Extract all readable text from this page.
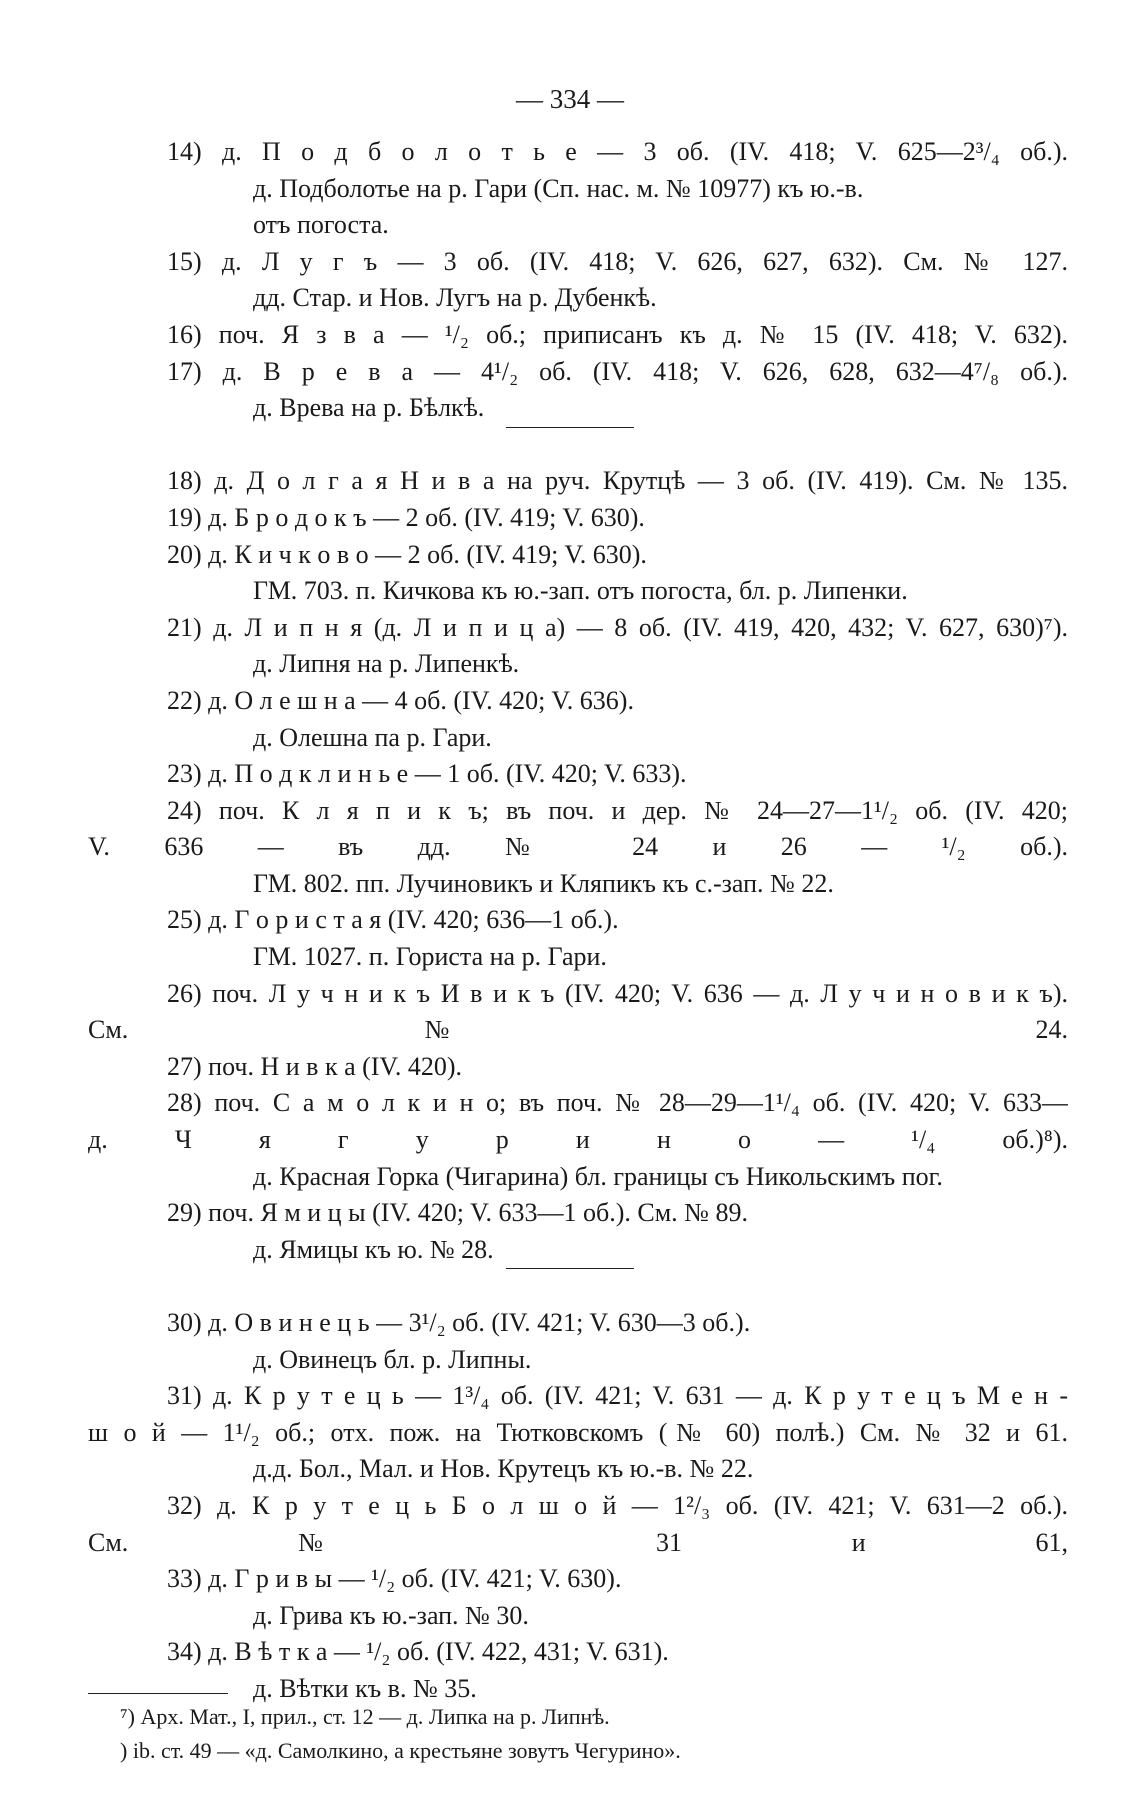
— 334 —
14) д. П о д б о л о т ь е — 3 об. (IV. 418; V. 625—2³/₄ об.).
д. Подболотье на р. Гари (Сп. нас. м. № 10977) къ ю.-в.
отъ погоста.
15) д. Л у г ъ — 3 об. (IV. 418; V. 626, 627, 632). См. № 127.
дд. Стар. и Нов. Лугъ на р. Дубенкѣ.
16) поч. Я з в а — ¹/₂ об.; приписанъ къ д. № 15 (IV. 418; V. 632).
17) д. В р е в а — 4¹/₂ об. (IV. 418; V. 626, 628, 632—4⁷/₈ об.).
д. Врева на р. Бѣлкѣ.
18) д. Д о л г а я Н и в а на руч. Крутцѣ — 3 об. (IV. 419). См. № 135.
19) д. Б р о д о к ъ — 2 об. (IV. 419; V. 630).
20) д. К и ч к о в о — 2 об. (IV. 419; V. 630).
ГМ. 703. п. Кичкова къ ю.-зап. отъ погоста, бл. р. Липенки.
21) д. Л и п н я (д. Л и п и ц а) — 8 об. (IV. 419, 420, 432; V. 627, 630)⁷).
д. Липня на р. Липенкѣ.
22) д. О л е ш н а — 4 об. (IV. 420; V. 636).
д. Олешна па р. Гари.
23) д. П о д к л и н ь е — 1 об. (IV. 420; V. 633).
24) поч. К л я п и к ъ; въ поч. и дер. № 24—27—1¹/₂ об. (IV. 420;
V. 636 — въ дд. № 24 и 26 — ¹/₂ об.).
ГМ. 802. пп. Лучиновикъ и Кляпикъ къ с.-зап. № 22.
25) д. Г о р и с т а я (IV. 420; 636—1 об.).
ГМ. 1027. п. Гориста на р. Гари.
26) поч. Л у ч н и к ъ И в и к ъ (IV. 420; V. 636 — д. Л у ч и н о в и к ъ).
См. № 24.
27) поч. Н и в к а (IV. 420).
28) поч. С а м о л к и н о; въ поч. № 28—29—1¹/₄ об. (IV. 420; V. 633—
д. Ч я г у р и н о — ¹/₄ об.)⁸).
д. Красная Горка (Чигарина) бл. границы съ Никольскимъ пог.
29) поч. Я м и ц ы (IV. 420; V. 633—1 об.). См. № 89.
д. Ямицы къ ю. № 28.
30) д. О в и н е ц ь — 3¹/₂ об. (IV. 421; V. 630—3 об.).
д. Овинецъ бл. р. Липны.
31) д. К р у т е ц ь — 1³/₄ об. (IV. 421; V. 631 — д. К р у т е ц ъ М е н -
ш о й — 1¹/₂ об.; отх. пож. на Тютковскомъ (№ 60) полѣ.) См. № 32 и 61.
д.д. Бол., Мал. и Нов. Крутецъ къ ю.-в. № 22.
32) д. К р у т е ц ь Б о л ш о й — 1²/₃ об. (IV. 421; V. 631—2 об.).
См. № 31 и 61,
33) д. Г р и в ы — ¹/₂ об. (IV. 421; V. 630).
д. Грива къ ю.-зап. № 30.
34) д. В ѣ т к а — ¹/₂ об. (IV. 422, 431; V. 631).
д. Вѣтки къ в. № 35.
⁷) Арх. Мат., I, прил., ст. 12 — д. Липка на р. Липнѣ.
) ib. ст. 49 — «д. Самолкино, а крестьяне зовутъ Чегурино».
